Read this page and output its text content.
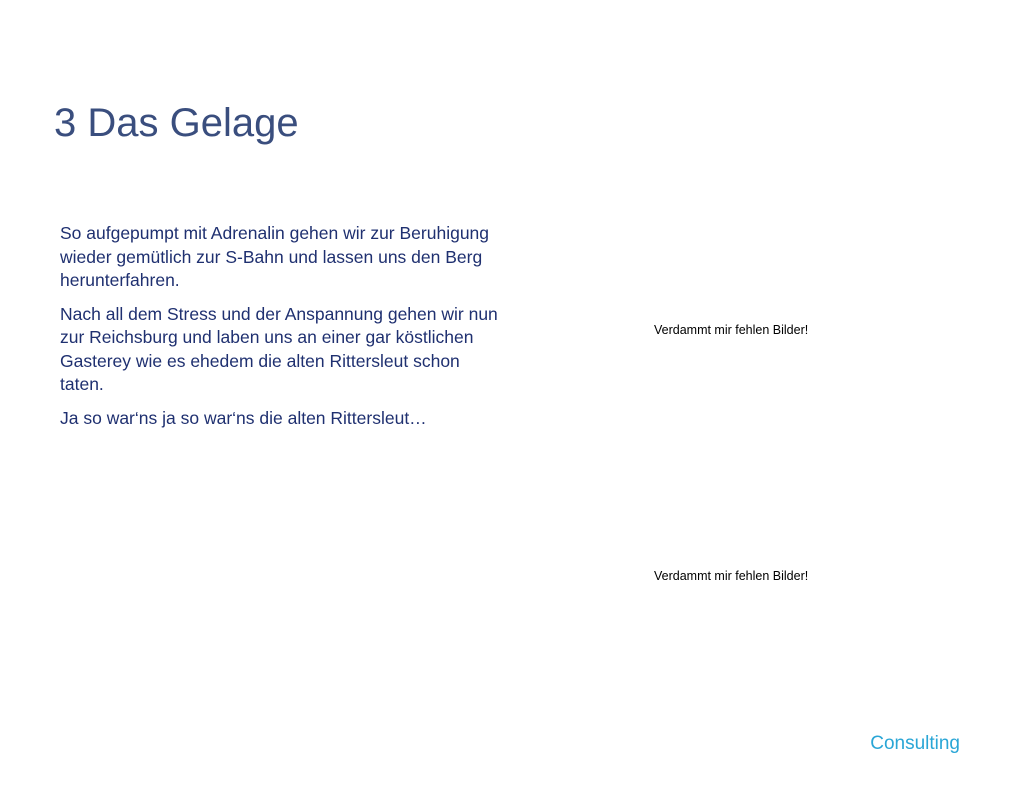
3 Das Gelage

So aufgepumpt mit Adrenalin gehen wir zur Beruhigung wieder gemütlich zur S-Bahn und lassen uns den Berg herunterfahren.

Nach all dem Stress und der Anspannung gehen wir nun zur Reichsburg und laben uns an einer gar köstlichen Gasterey wie es ehedem die alten Rittersleut schon taten.

Ja so war‘ns ja so war‘ns die alten Rittersleut…

Verdammt mir fehlen Bilder!
Verdammt mir fehlen Bilder!
Consulting
